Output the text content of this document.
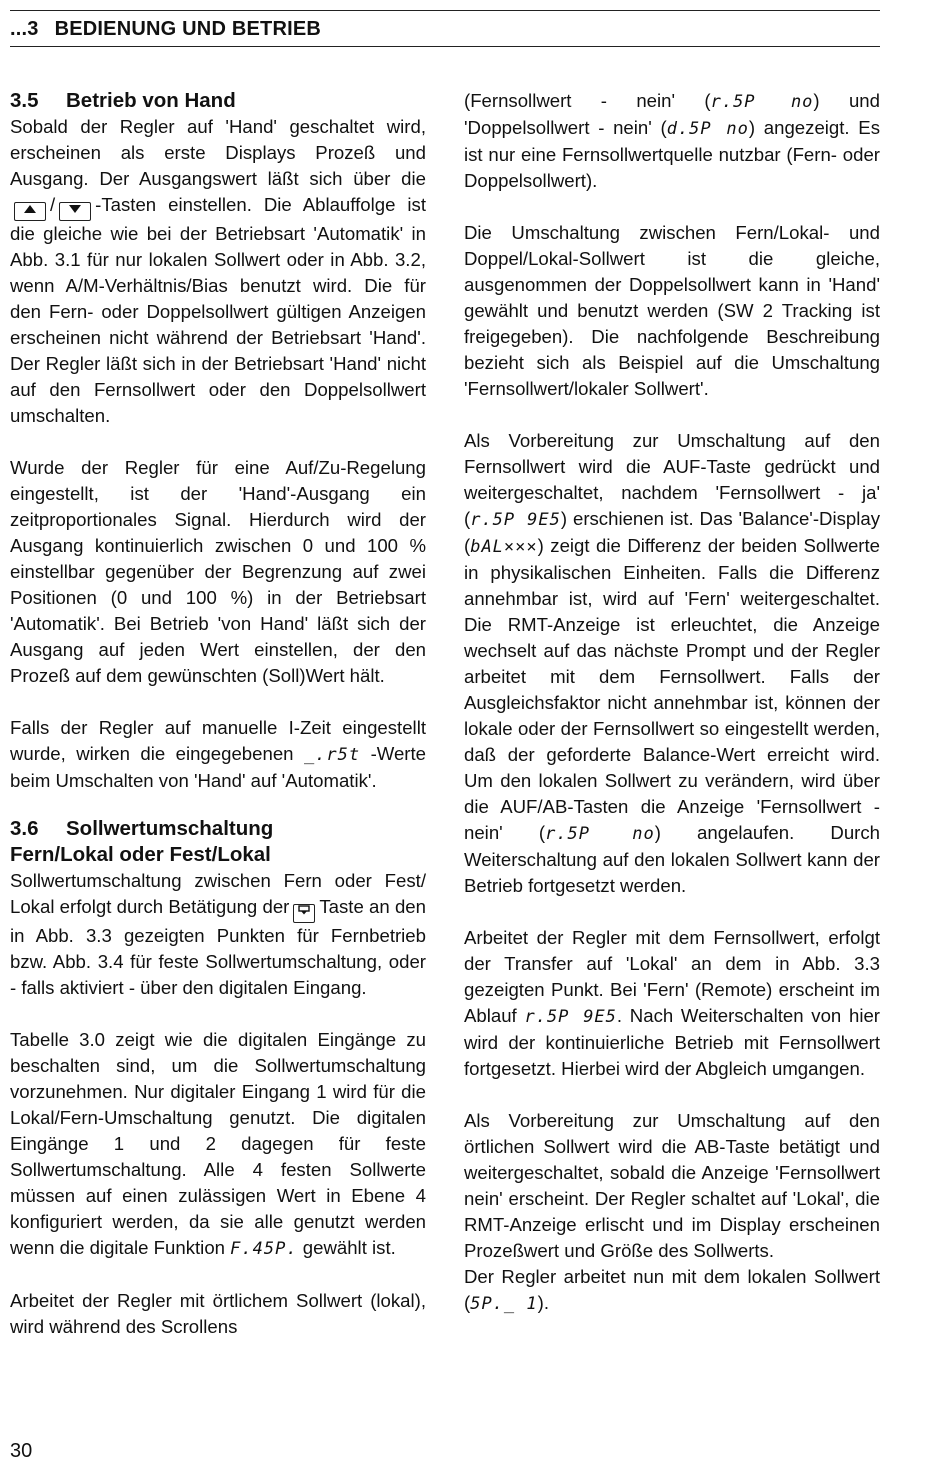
...3 BEDIENUNG UND BETRIEB
3.5 Betrieb von Hand

Sobald der Regler auf 'Hand' geschaltet wird, erscheinen als erste Displays Prozeß und Ausgang. Der Ausgangswert läßt sich über die/ -Tasten einstellen. Die Ablauffolge ist die gleiche wie bei der Betriebsart 'Automatik' in Abb. 3.1 für nur lokalen Sollwert oder in Abb. 3.2, wenn A/M-Verhältnis/Bias benutzt wird. Die für den Fern- oder Doppelsollwert gültigen Anzeigen erscheinen nicht während der Betriebsart 'Hand'. Der Regler läßt sich in der Betriebsart 'Hand' nicht auf den Fernsollwert oder den Doppelsollwert umschalten.

Wurde der Regler für eine Auf/Zu-Regelung eingestellt, ist der 'Hand'-Ausgang ein zeitproportionales Signal. Hierdurch wird der Ausgang kontinuierlich zwischen 0 und 100 % einstellbar gegenüber der Begrenzung auf zwei Positionen (0 und 100 %) in der Betriebsart 'Automatik'. Bei Betrieb 'von Hand' läßt sich der Ausgang auf jeden Wert einstellen, der den Prozeß auf dem gewünschten (Soll)Wert hält.

Falls der Regler auf manuelle I-Zeit eingestellt wurde, wirken die eingegebenen _.r5t -Werte beim Umschalten von 'Hand' auf 'Automatik'.

3.6 Sollwertumschaltung
Fern/Lokal oder Fest/Lokal

Sollwertumschaltung zwischen Fern oder Fest/ Lokal erfolgt durch Betätigung der Taste an den in Abb. 3.3 gezeigten Punkten für Fernbetrieb bzw. Abb. 3.4 für feste Sollwertumschaltung, oder - falls aktiviert - über den digitalen Eingang.

Tabelle 3.0 zeigt wie die digitalen Eingänge zu beschalten sind, um die Sollwertumschaltung vorzunehmen. Nur digitaler Eingang 1 wird für die Lokal/Fern-Umschaltung genutzt. Die digitalen Eingänge 1 und 2 dagegen für feste Sollwertumschaltung. Alle 4 festen Sollwerte müssen auf einen zulässigen Wert in Ebene 4 konfiguriert werden, da sie alle genutzt werden wenn die digitale Funktion F.45P. gewählt ist.

Arbeitet der Regler mit örtlichem Sollwert (lokal), wird während des Scrollens

(Fernsollwert - nein' (r.5P no) und 'Doppelsollwert - nein' (d.5P no) angezeigt. Es ist nur eine Fernsollwertquelle nutzbar (Fern- oder Doppelsollwert).

Die Umschaltung zwischen Fern/Lokal- und Doppel/Lokal-Sollwert ist die gleiche, ausgenommen der Doppelsollwert kann in 'Hand' gewählt und benutzt werden (SW 2 Tracking ist freigegeben). Die nachfolgende Beschreibung bezieht sich als Beispiel auf die Umschaltung 'Fernsollwert/lokaler Sollwert'.

Als Vorbereitung zur Umschaltung auf den Fernsollwert wird die AUF-Taste gedrückt und weitergeschaltet, nachdem 'Fernsollwert - ja' (r.5P 9E5) erschienen ist. Das 'Balance'-Display (bAL×××) zeigt die Differenz der beiden Sollwerte in physikalischen Einheiten. Falls die Differenz annehmbar ist, wird auf 'Fern' weitergeschaltet. Die RMT-Anzeige ist erleuchtet, die Anzeige wechselt auf das nächste Prompt und der Regler arbeitet mit dem Fernsollwert. Falls der Ausgleichsfaktor nicht annehmbar ist, können der lokale oder der Fernsollwert so eingestellt werden, daß der geforderte Balance-Wert erreicht wird. Um den lokalen Sollwert zu verändern, wird über die AUF/AB-Tasten die Anzeige 'Fernsollwert - nein' (r.5P no) angelaufen. Durch Weiterschaltung auf den lokalen Sollwert kann der Betrieb fortgesetzt werden.

Arbeitet der Regler mit dem Fernsollwert, erfolgt der Transfer auf 'Lokal' an dem in Abb. 3.3 gezeigten Punkt. Bei 'Fern' (Remote) erscheint im Ablauf r.5P 9E5. Nach Weiterschalten von hier wird der kontinuierliche Betrieb mit Fernsollwert fortgesetzt. Hierbei wird der Abgleich umgangen.

Als Vorbereitung zur Umschaltung auf den örtlichen Sollwert wird die AB-Taste betätigt und weitergeschaltet, sobald die Anzeige 'Fernsollwert nein' erscheint. Der Regler schaltet auf 'Lokal', die RMT-Anzeige erlischt und im Display erscheinen Prozeßwert und Größe des Sollwerts.

Der Regler arbeitet nun mit dem lokalen Sollwert (5P._ 1).

30
